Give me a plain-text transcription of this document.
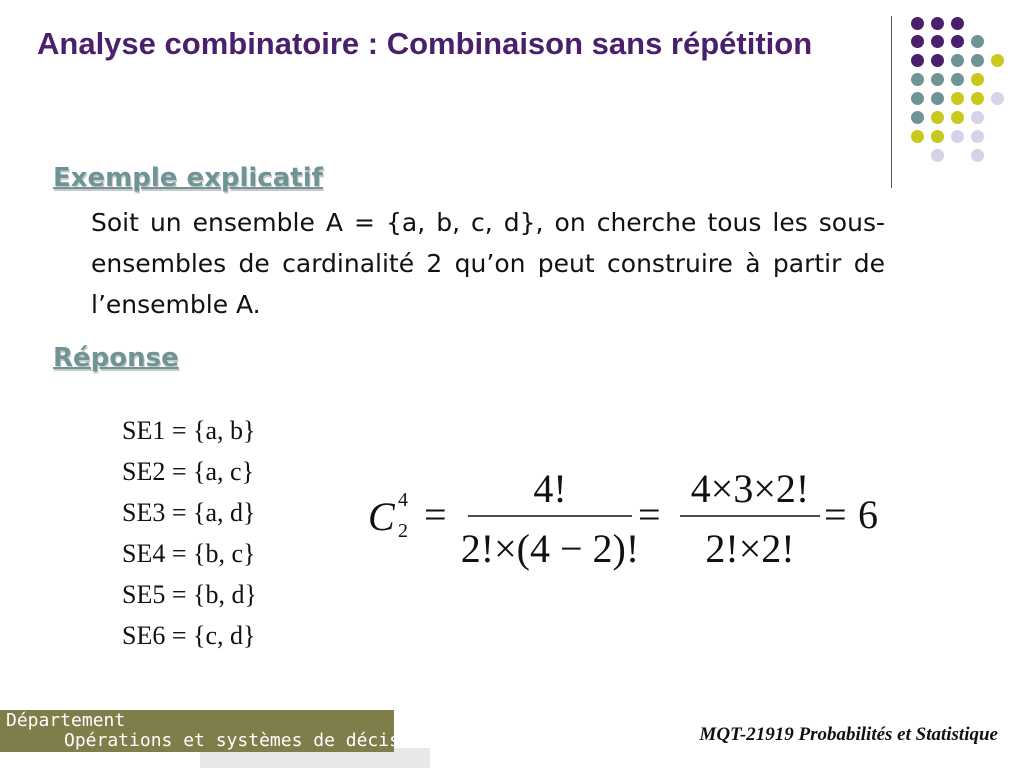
Analyse combinatoire : Combinaison sans répétition
Exemple explicatif
Soit un ensemble A = {a, b, c, d}, on cherche tous les sous-ensembles de cardinalité 2 qu’on peut construire à partir de l’ensemble A.
Réponse
SE1 = {a, b}
SE2 = {a, c}
SE3 = {a, d}
SE4 = {b, c}
SE5 = {b, d}
SE6 = {c, d}
C 4
2 =
4!
2!×(4 − 2)!
=
4×3×2!
2!×2!
= 6
Département
Opérations et systèmes de décisions	MQT-21919 Probabilités et Statistique
